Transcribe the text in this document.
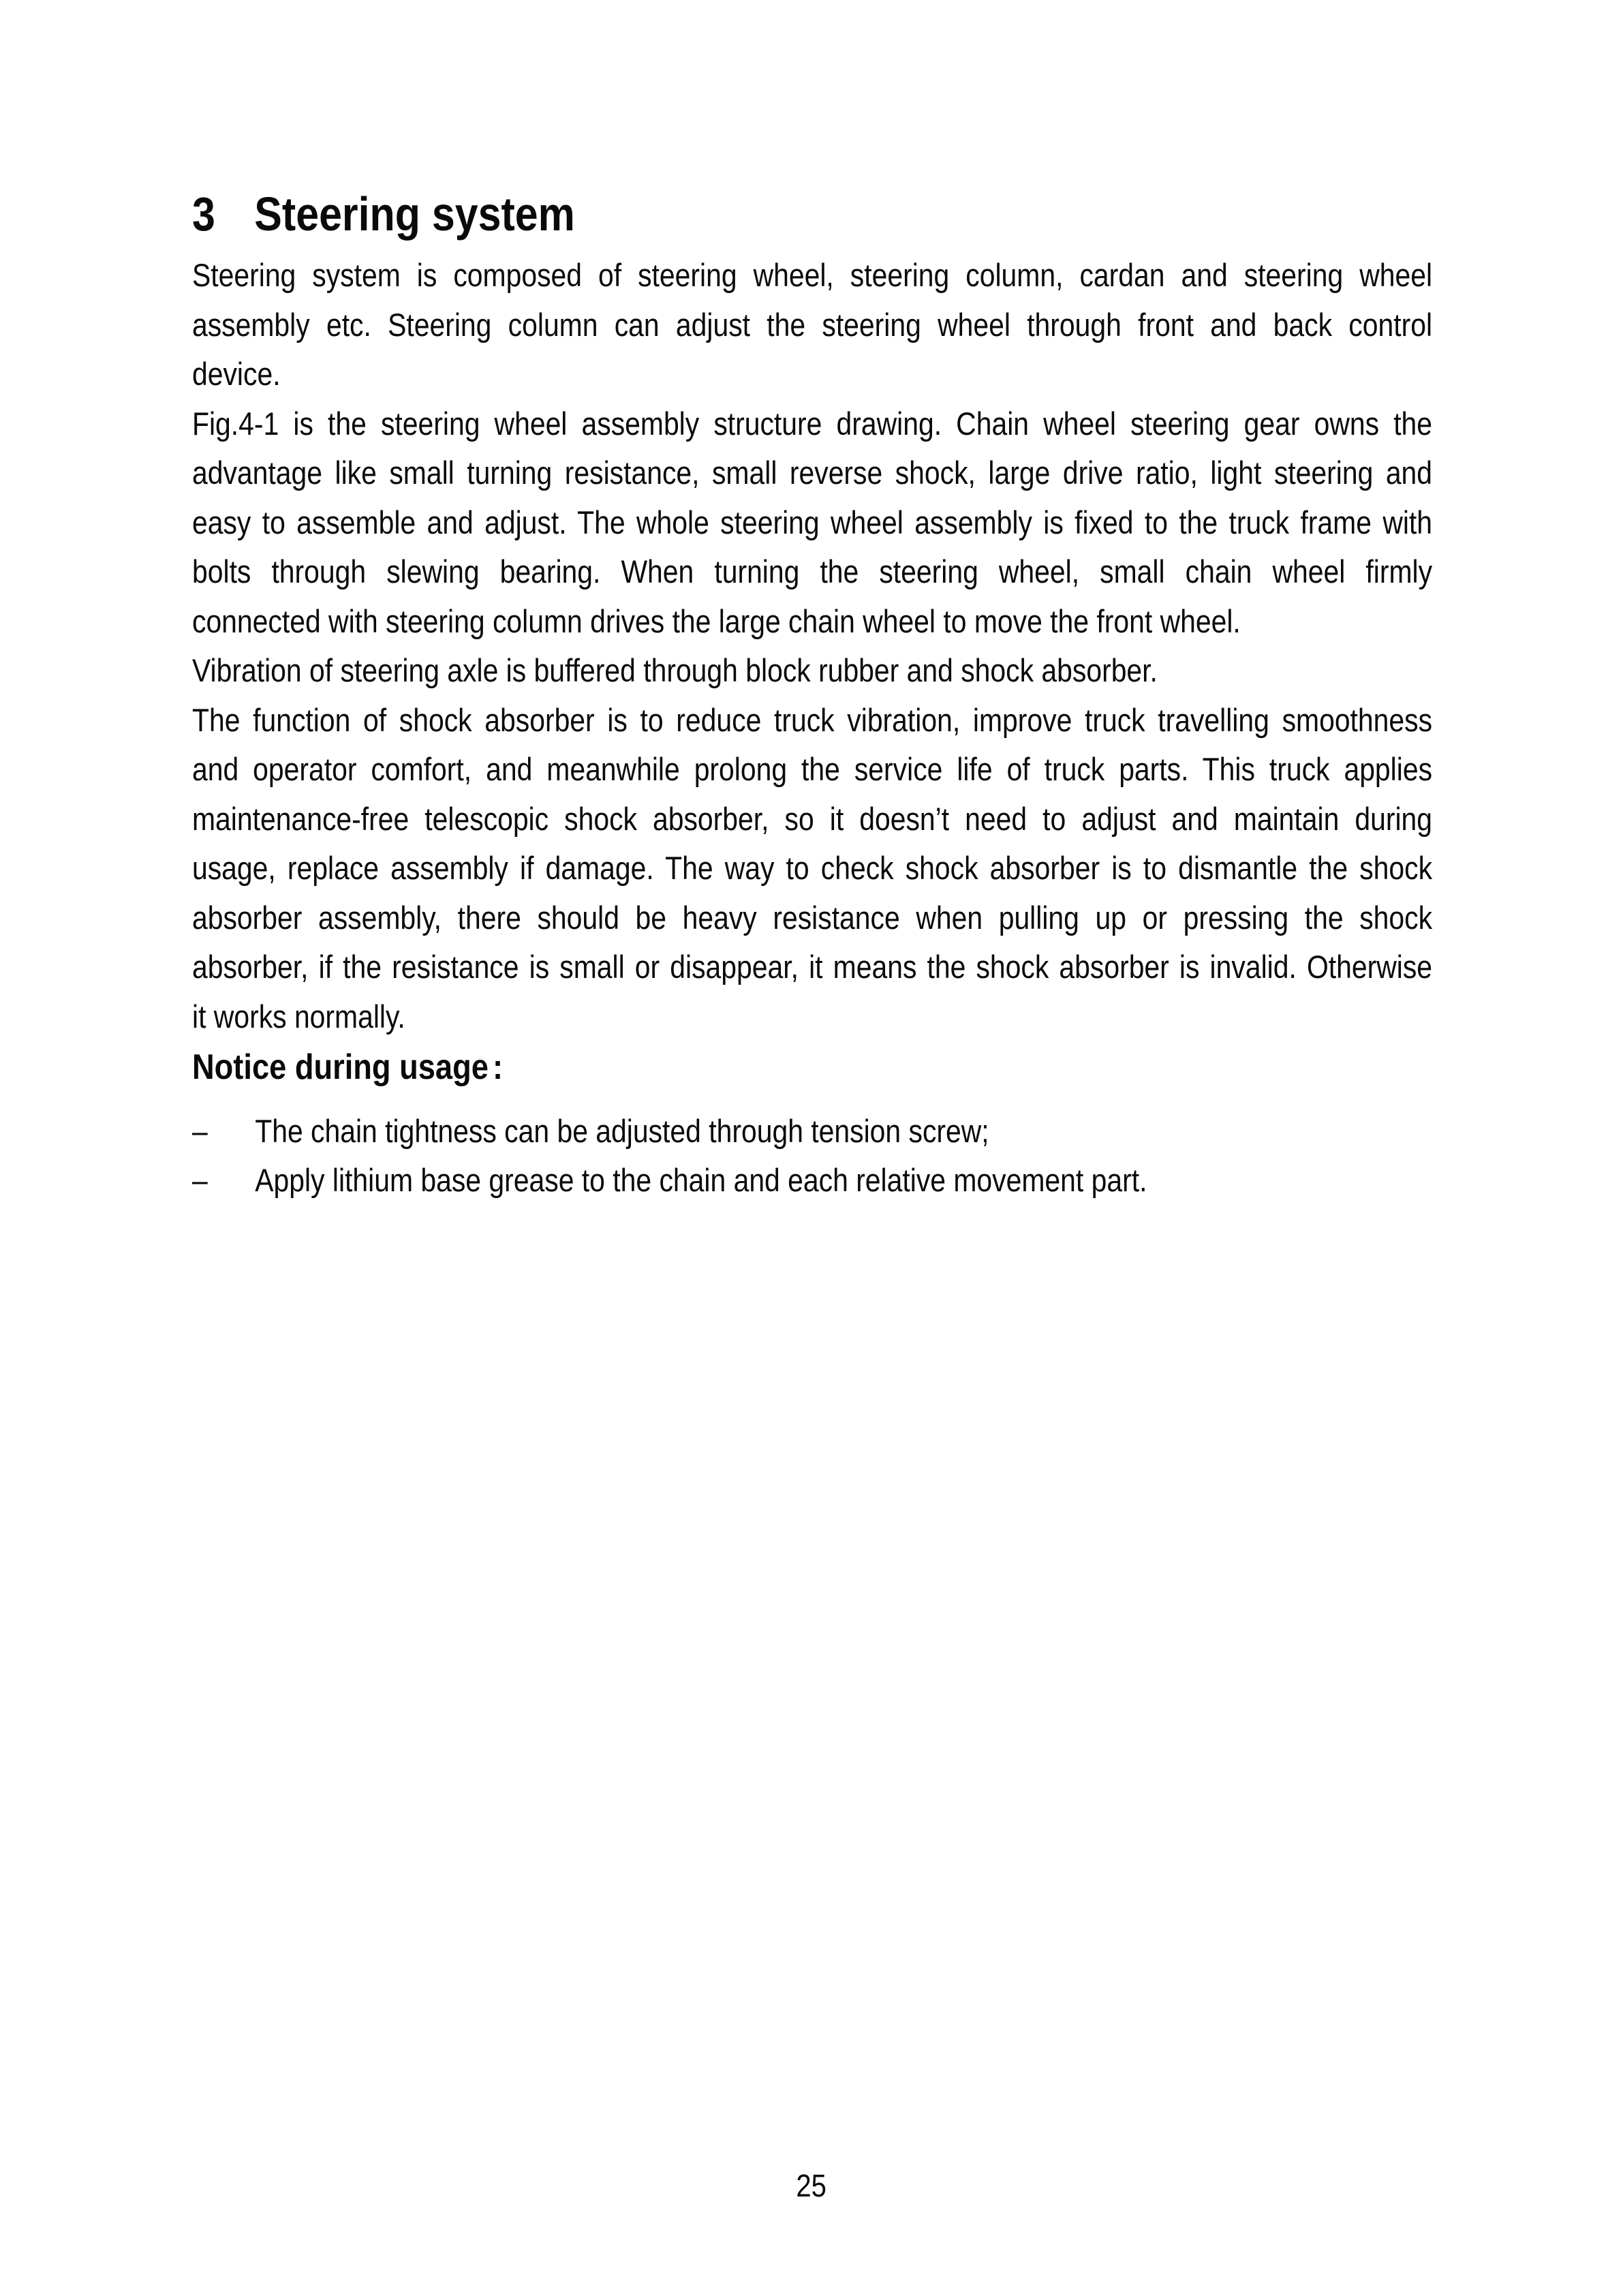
3 Steering system
Steering system is composed of steering wheel, steering column, cardan and steering wheel
assembly etc. Steering column can adjust the steering wheel through front and back control
device.
Fig.4-1 is the steering wheel assembly structure drawing. Chain wheel steering gear owns the
advantage like small turning resistance, small reverse shock, large drive ratio, light steering and
easy to assemble and adjust. The whole steering wheel assembly is fixed to the truck frame with
bolts through slewing bearing. When turning the steering wheel, small chain wheel firmly
connected with steering column drives the large chain wheel to move the front wheel.
Vibration of steering axle is buffered through block rubber and shock absorber.
The function of shock absorber is to reduce truck vibration, improve truck travelling smoothness
and operator comfort, and meanwhile prolong the service life of truck parts. This truck applies
maintenance-free telescopic shock absorber, so it doesn’t need to adjust and maintain during
usage, replace assembly if damage. The way to check shock absorber is to dismantle the shock
absorber assembly, there should be heavy resistance when pulling up or pressing the shock
absorber, if the resistance is small or disappear, it means the shock absorber is invalid. Otherwise
it works normally.
Notice during usage :
–	The chain tightness can be adjusted through tension screw;
–	Apply lithium base grease to the chain and each relative movement part.
25
